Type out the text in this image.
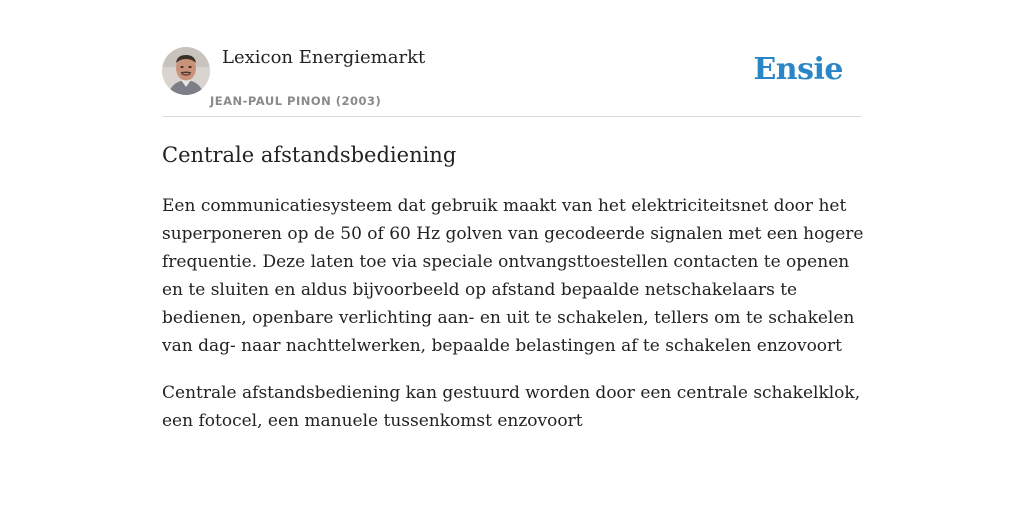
Lexicon Energiemarkt
JEAN-PAUL PINON (2003)
Ensie
Centrale afstandsbediening

Een communicatiesysteem dat gebruik maakt van het elektriciteitsnet door het superponeren op de 50 of 60 Hz golven van gecodeerde signalen met een hogere frequentie. Deze laten toe via speciale ontvangsttoestellen contacten te openen en te sluiten en aldus bijvoorbeeld op afstand bepaalde netschakelaars te bedienen, openbare verlichting aan- en uit te schakelen, tellers om te schakelen van dag- naar nachttelwerken, bepaalde belastingen af te schakelen enzovoort

Centrale afstandsbediening kan gestuurd worden door een centrale schakelklok, een fotocel, een manuele tussenkomst enzovoort
